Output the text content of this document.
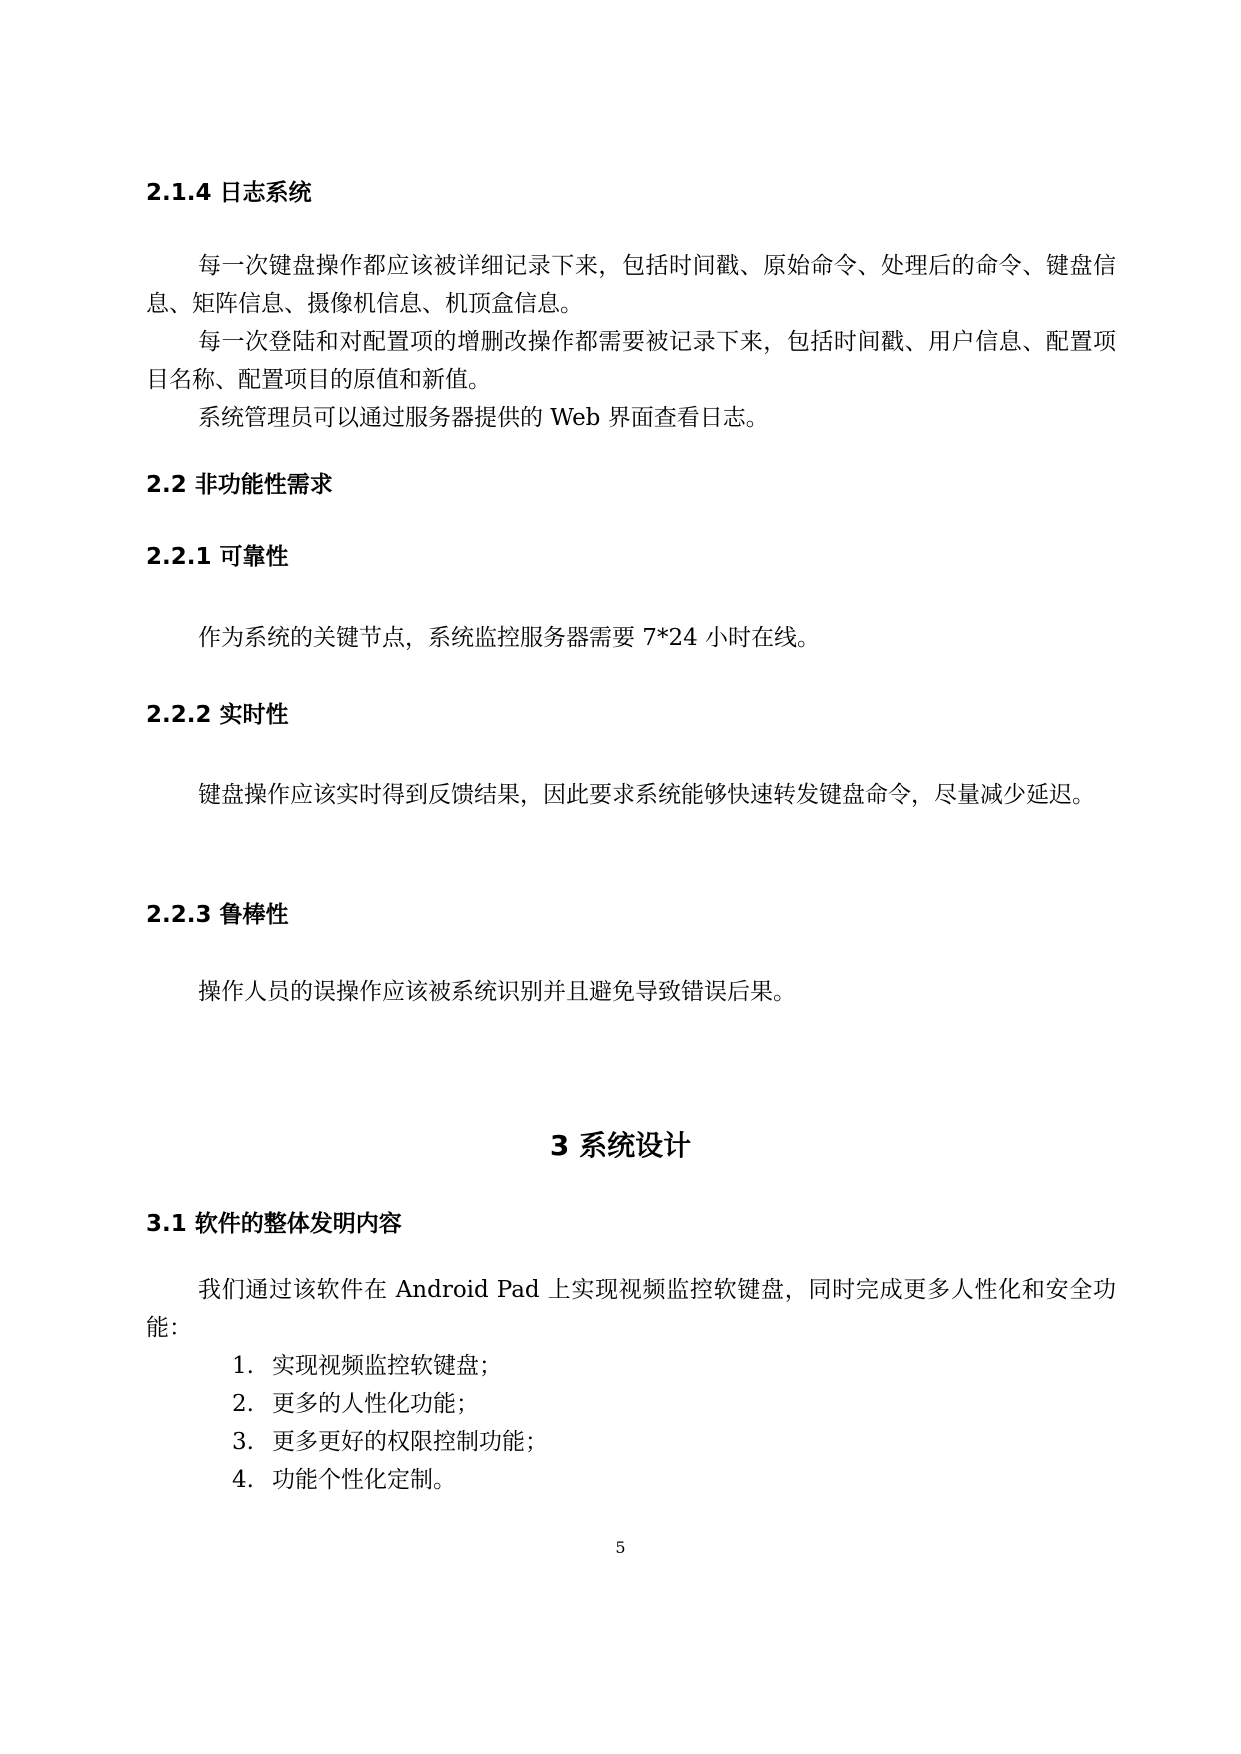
2.1.4 日志系统

每一次键盘操作都应该被详细记录下来，包括时间戳、原始命令、处理后的命令、键盘信息、矩阵信息、摄像机信息、机顶盒信息。

每一次登陆和对配置项的增删改操作都需要被记录下来，包括时间戳、用户信息、配置项目名称、配置项目的原值和新值。

系统管理员可以通过服务器提供的 Web 界面查看日志。

2.2 非功能性需求
2.2.1 可靠性

作为系统的关键节点，系统监控服务器需要 7*24 小时在线。

2.2.2 实时性

键盘操作应该实时得到反馈结果，因此要求系统能够快速转发键盘命令，尽量减少延迟。

2.2.3 鲁棒性

操作人员的误操作应该被系统识别并且避免导致错误后果。

3 系统设计
3.1 软件的整体发明内容

我们通过该软件在 Android Pad 上实现视频监控软键盘，同时完成更多人性化和安全功能：

1. 实现视频监控软键盘；
2. 更多的人性化功能；
3. 更多更好的权限控制功能；
4. 功能个性化定制。
5
